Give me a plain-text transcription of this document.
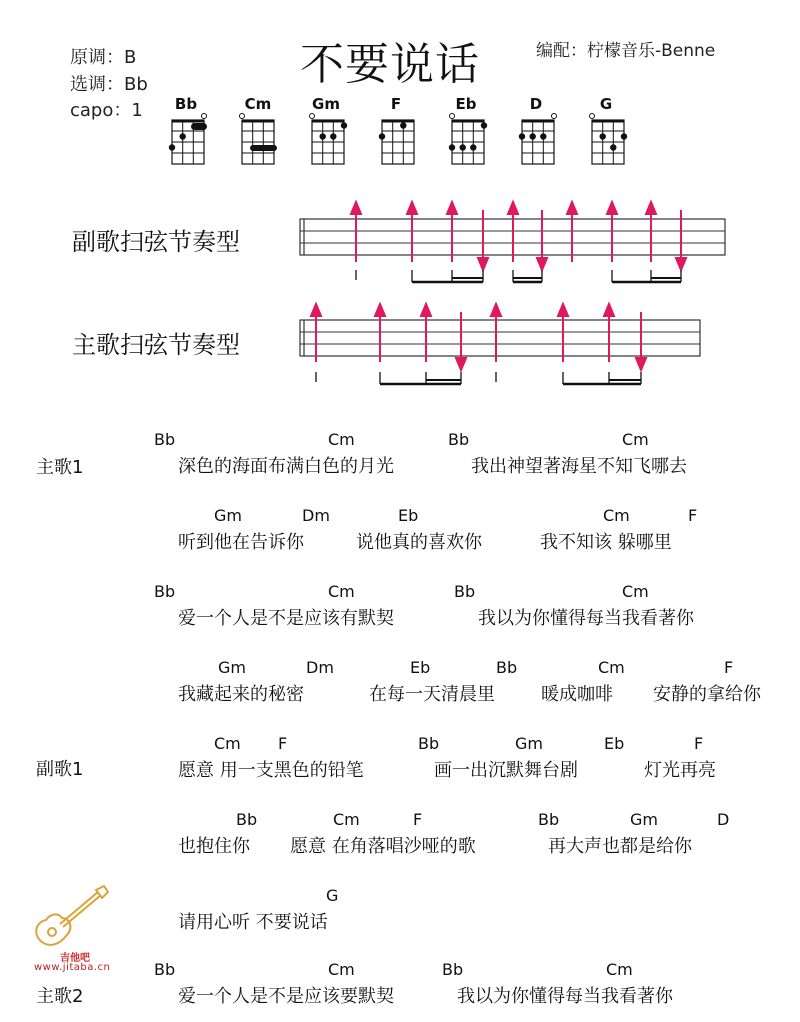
不要说话	编配：柠檬音乐-Benne
原调：B
选调：Bb
capo：1	Bb	Cm	Gm	F	Eb	D	G
副歌扫弦节奏型
主歌扫弦节奏型
主歌1
副歌1
主歌2
Bb	Cm	Bb	Cm
深色的海面布满白色的月光	我出神望著海星不知飞哪去
Gm	Dm	Eb	Cm	F
听到他在告诉你	说他真的喜欢你	我不知该 躲哪里
Bb	Cm	Bb	Cm
爱一个人是不是应该有默契	我以为你懂得每当我看著你
Gm	Dm	Eb	Bb	Cm	F
我藏起来的秘密	在每一天清晨里	暖成咖啡 安静的拿给你
Cm F	Bb	Gm	Eb	F
愿意 用一支黑色的铅笔	画一出沉默舞台剧	灯光再亮
Bb	Cm	F	Bb	Gm	D
也抱住你 愿意 在角落唱沙哑的歌	再大声也都是给你
G
请用心听 不要说话
Bb	Cm	Bb	Cm
爱一个人是不是应该要默契	我以为你懂得每当我看著你
吉他吧
www.jitaba.cn
